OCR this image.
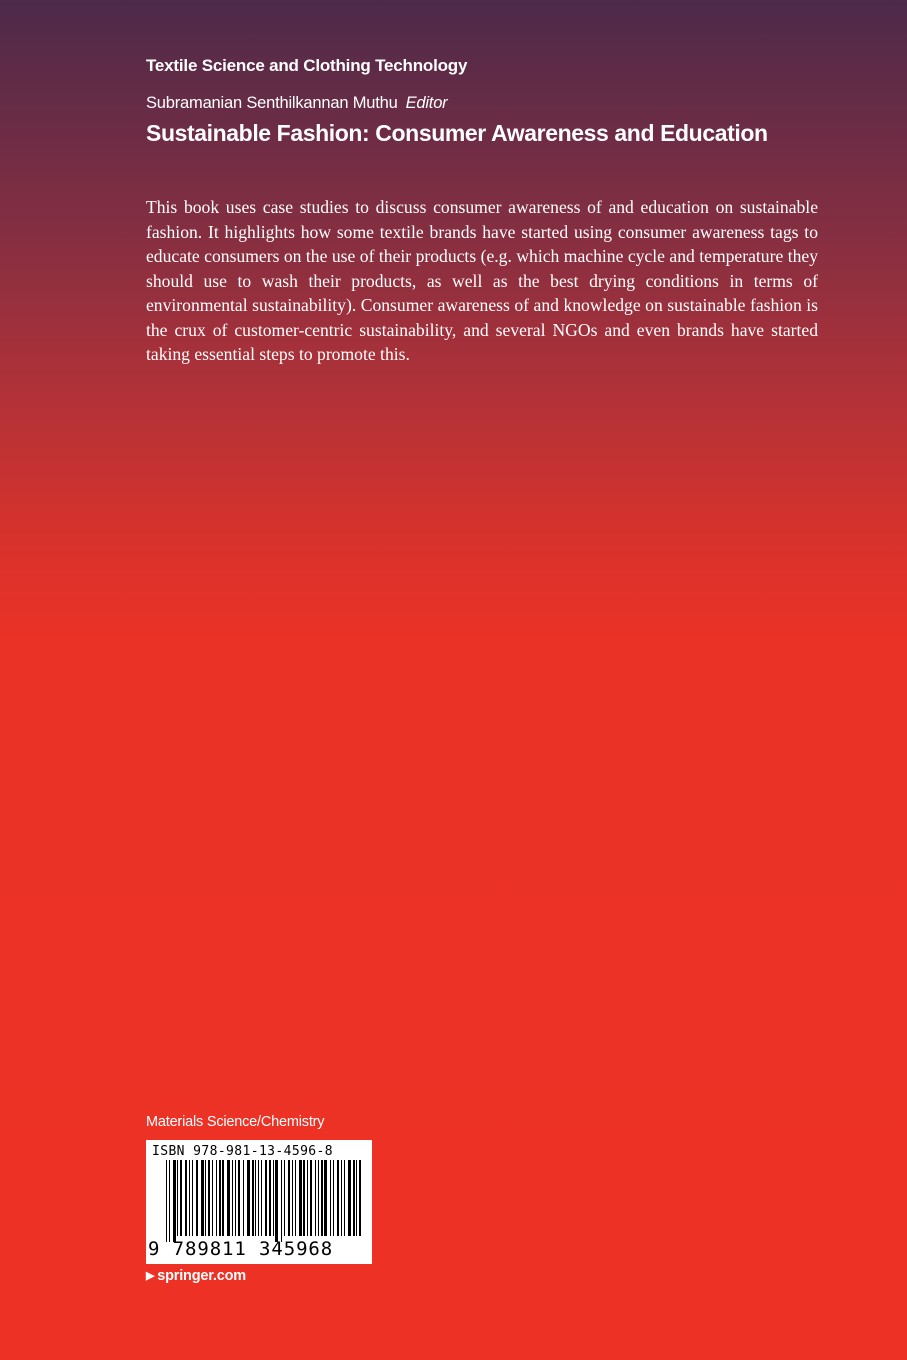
Textile Science and Clothing Technology
Subramanian Senthilkannan Muthu Editor
Sustainable Fashion: Consumer Awareness and Education
This book uses case studies to discuss consumer awareness of and education on sustainable fashion. It highlights how some textile brands have started using consumer awareness tags to educate consumers on the use of their products (e.g. which machine cycle and temperature they should use to wash their products, as well as the best drying conditions in terms of environmental sustainability). Consumer awareness of and knowledge on sustainable fashion is the crux of customer-centric sustainability, and several NGOs and even brands have started taking essential steps to promote this.
Materials Science/Chemistry
ISBN 978-981-13-4596-8
9 789811 345968
▶ springer.com
